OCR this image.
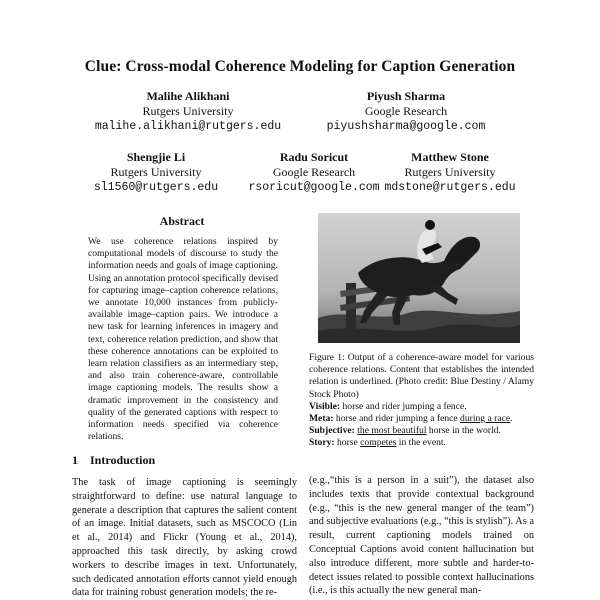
Clue: Cross-modal Coherence Modeling for Caption Generation
Malihe Alikhani
Rutgers University
malihe.alikhani@rutgers.edu
Piyush Sharma
Google Research
piyushsharma@google.com
Shengjie Li
Rutgers University
sl1560@rutgers.edu
Radu Soricut
Google Research
rsoricut@google.com
Matthew Stone
Rutgers University
mdstone@rutgers.edu
Abstract
We use coherence relations inspired by computational models of discourse to study the information needs and goals of image captioning. Using an annotation protocol specifically devised for capturing image–caption coherence relations, we annotate 10,000 instances from publicly-available image–caption pairs. We introduce a new task for learning inferences in imagery and text, coherence relation prediction, and show that these coherence annotations can be exploited to learn relation classifiers as an intermediary step, and also train coherence-aware, controllable image captioning models. The results show a dramatic improvement in the consistency and quality of the generated captions with respect to information needs specified via coherence relations.
1 Introduction
The task of image captioning is seemingly straightforward to define: use natural language to generate a description that captures the salient content of an image. Initial datasets, such as MSCOCO (Lin et al., 2014) and Flickr (Young et al., 2014), approached this task directly, by asking crowd workers to describe images in text. Unfortunately, such dedicated annotation efforts cannot yield enough data for training robust generation models; the re-
(e.g.,“this is a person in a suit”), the dataset also includes texts that provide contextual background (e.g., “this is the new general manger of the team”) and subjective evaluations (e.g., “this is stylish”). As a result, current captioning models trained on Conceptual Captions avoid content hallucination but also introduce different, more subtle and harder-to-detect issues related to possible context hallucinations (i.e., is this actually the new general man-
Figure 1: Output of a coherence-aware model for various coherence relations. Content that establishes the intended relation is underlined. (Photo credit: Blue Destiny / Alamy Stock Photo)
Visible: horse and rider jumping a fence.
Meta: horse and rider jumping a fence during a race.
Subjective: the most beautiful horse in the world.
Story: horse competes in the event.
